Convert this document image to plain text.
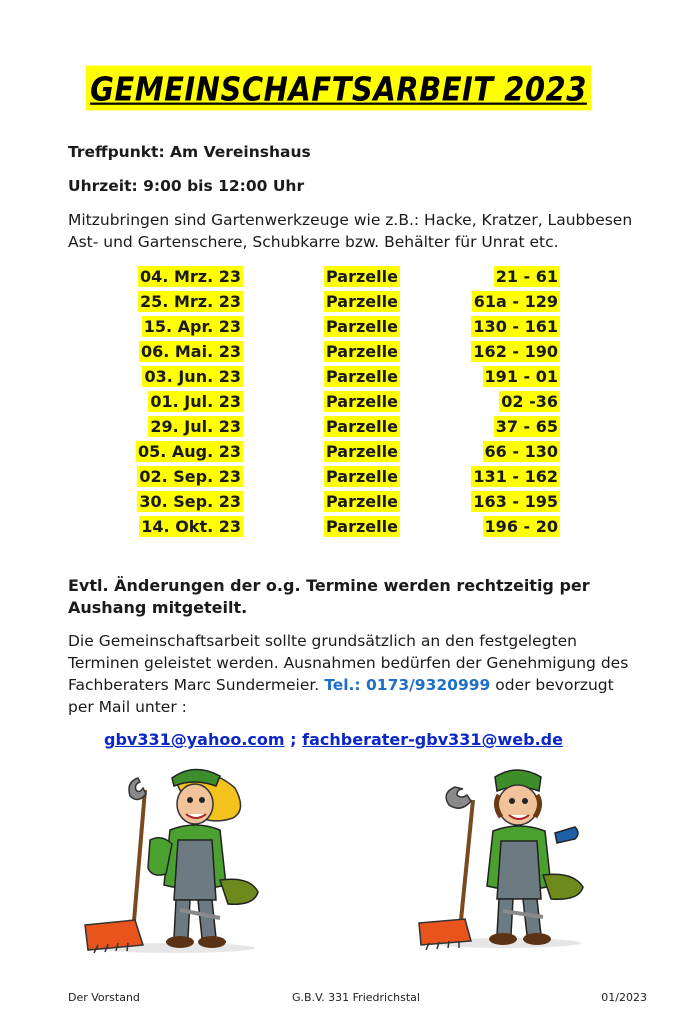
GEMEINSCHAFTSARBEIT 2023
Treffpunkt: Am Vereinshaus
Uhrzeit: 9:00 bis 12:00 Uhr
Mitzubringen sind Gartenwerkzeuge wie z.B.: Hacke, Kratzer, Laubbesen
Ast- und Gartenschere, Schubkarre bzw. Behälter für Unrat etc.
04. Mrz. 23	Parzelle	21 - 61
25. Mrz. 23	Parzelle	61a - 129
15. Apr. 23	Parzelle	130 - 161
06. Mai. 23	Parzelle	162 - 190
03. Jun. 23	Parzelle	191 - 01
01. Jul. 23	Parzelle	02 -36
29. Jul. 23	Parzelle	37 - 65
05. Aug. 23	Parzelle	66 - 130
02. Sep. 23	Parzelle	131 - 162
30. Sep. 23	Parzelle	163 - 195
14. Okt. 23	Parzelle	196 - 20
Evtl. Änderungen der o.g. Termine werden rechtzeitig per
Aushang mitgeteilt.
Die Gemeinschaftsarbeit sollte grundsätzlich an den festgelegten
Terminen geleistet werden. Ausnahmen bedürfen der Genehmigung des
Fachberaters Marc Sundermeier. Tel.: 0173/9320999 oder bevorzugt
per Mail unter :
gbv331@yahoo.com ; fachberater-gbv331@web.de
Der Vorstand	G.B.V. 331 Friedrichstal	01/2023
